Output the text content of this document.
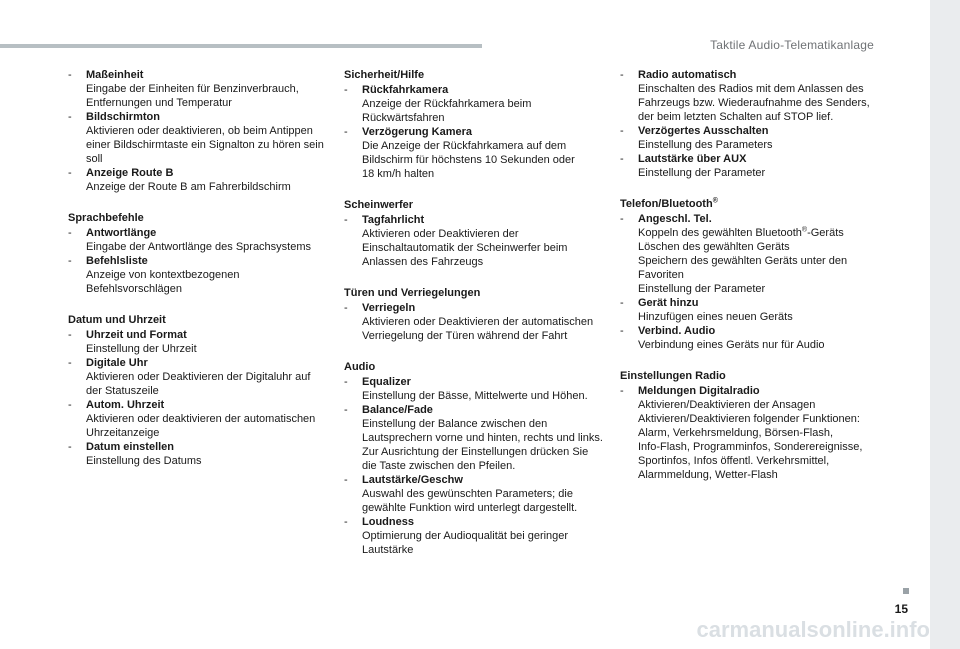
Taktile Audio-Telematikanlage
15
carmanualsonline.info
- Maßeinheit
Eingabe der Einheiten für Benzinverbrauch,
Entfernungen und Temperatur
- Bildschirmton
Aktivieren oder deaktivieren, ob beim Antippen
einer Bildschirmtaste ein Signalton zu hören sein
soll
- Anzeige Route B
Anzeige der Route B am Fahrerbildschirm
Sprachbefehle
- Antwortlänge
Eingabe der Antwortlänge des Sprachsystems
- Befehlsliste
Anzeige von kontextbezogenen
Befehlsvorschlägen
Datum und Uhrzeit
- Uhrzeit und Format
Einstellung der Uhrzeit
- Digitale Uhr
Aktivieren oder Deaktivieren der Digitaluhr auf
der Statuszeile
- Autom. Uhrzeit
Aktivieren oder deaktivieren der automatischen
Uhrzeitanzeige
- Datum einstellen
Einstellung des Datums
Sicherheit/Hilfe
- Rückfahrkamera
Anzeige der Rückfahrkamera beim
Rückwärtsfahren
- Verzögerung Kamera
Die Anzeige der Rückfahrkamera auf dem
Bildschirm für höchstens 10 Sekunden oder
18 km/h halten
Scheinwerfer
- Tagfahrlicht
Aktivieren oder Deaktivieren der
Einschaltautomatik der Scheinwerfer beim
Anlassen des Fahrzeugs
Türen und Verriegelungen
- Verriegeln
Aktivieren oder Deaktivieren der automatischen
Verriegelung der Türen während der Fahrt
Audio
- Equalizer
Einstellung der Bässe, Mittelwerte und Höhen.
- Balance/Fade
Einstellung der Balance zwischen den
Lautsprechern vorne und hinten, rechts und links.
Zur Ausrichtung der Einstellungen drücken Sie
die Taste zwischen den Pfeilen.
- Lautstärke/Geschw
Auswahl des gewünschten Parameters; die
gewählte Funktion wird unterlegt dargestellt.
- Loudness
Optimierung der Audioqualität bei geringer
Lautstärke
- Radio automatisch
Einschalten des Radios mit dem Anlassen des
Fahrzeugs bzw. Wiederaufnahme des Senders,
der beim letzten Schalten auf STOP lief.
- Verzögertes Ausschalten
Einstellung des Parameters
- Lautstärke über AUX
Einstellung der Parameter
Telefon/Bluetooth®
- Angeschl. Tel.
Koppeln des gewählten Bluetooth®-Geräts
Löschen des gewählten Geräts
Speichern des gewählten Geräts unter den
Favoriten
Einstellung der Parameter
- Gerät hinzu
Hinzufügen eines neuen Geräts
- Verbind. Audio
Verbindung eines Geräts nur für Audio
Einstellungen Radio
- Meldungen Digitalradio
Aktivieren/Deaktivieren der Ansagen
Aktivieren/Deaktivieren folgender Funktionen:
Alarm, Verkehrsmeldung, Börsen-Flash,
Info-Flash, Programminfos, Sonderereignisse,
Sportinfos, Infos öffentl. Verkehrsmittel,
Alarmmeldung, Wetter-Flash
